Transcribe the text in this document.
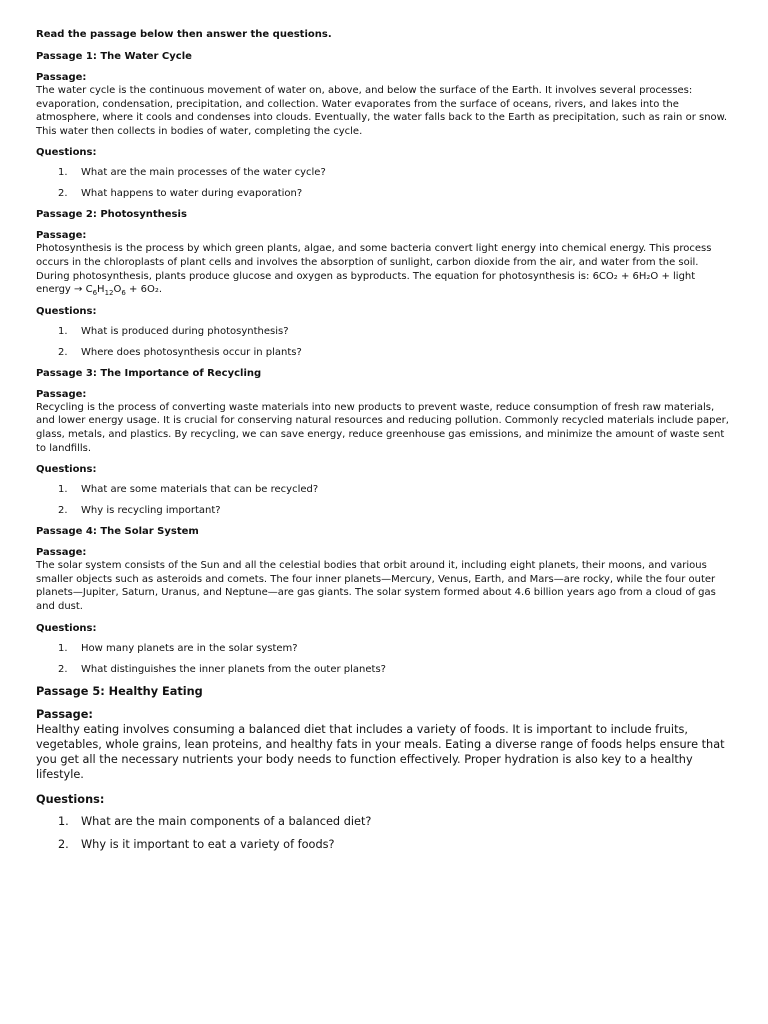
Read the passage below then answer the questions.

Passage 1: The Water Cycle

Passage:

The water cycle is the continuous movement of water on, above, and below the surface of the Earth. It involves several processes: evaporation, condensation, precipitation, and collection. Water evaporates from the surface of oceans, rivers, and lakes into the atmosphere, where it cools and condenses into clouds. Eventually, the water falls back to the Earth as precipitation, such as rain or snow. This water then collects in bodies of water, completing the cycle.

Questions:

1. What are the main processes of the water cycle?
2. What happens to water during evaporation?

Passage 2: Photosynthesis

Passage:

Photosynthesis is the process by which green plants, algae, and some bacteria convert light energy into chemical energy. This process occurs in the chloroplasts of plant cells and involves the absorption of sunlight, carbon dioxide from the air, and water from the soil. During photosynthesis, plants produce glucose and oxygen as byproducts. The equation for photosynthesis is: 6CO₂ + 6H₂O + light energy → $C_6H_{12}O_6 + 6O_2$.

Questions:

1. What is produced during photosynthesis?
2. Where does photosynthesis occur in plants?

Passage 3: The Importance of Recycling

Passage:

Recycling is the process of converting waste materials into new products to prevent waste, reduce consumption of fresh raw materials, and lower energy usage. It is crucial for conserving natural resources and reducing pollution. Commonly recycled materials include paper, glass, metals, and plastics. By recycling, we can save energy, reduce greenhouse gas emissions, and minimize the amount of waste sent to landfills.

Questions:

1. What are some materials that can be recycled?
2. Why is recycling important?

Passage 4: The Solar System

Passage:

The solar system consists of the Sun and all the celestial bodies that orbit around it, including eight planets, their moons, and various smaller objects such as asteroids and comets. The four inner planets—Mercury, Venus, Earth, and Mars—are rocky, while the four outer planets—Jupiter, Saturn, Uranus, and Neptune—are gas giants. The solar system formed about 4.6 billion years ago from a cloud of gas and dust.

Questions:

1. How many planets are in the solar system?
2. What distinguishes the inner planets from the outer planets?

Passage 5: Healthy Eating

Passage:

Healthy eating involves consuming a balanced diet that includes a variety of foods. It is important to include fruits, vegetables, whole grains, lean proteins, and healthy fats in your meals. Eating a diverse range of foods helps ensure that you get all the necessary nutrients your body needs to function effectively. Proper hydration is also key to a healthy lifestyle.

Questions:

1. What are the main components of a balanced diet?
2. Why is it important to eat a variety of foods?
